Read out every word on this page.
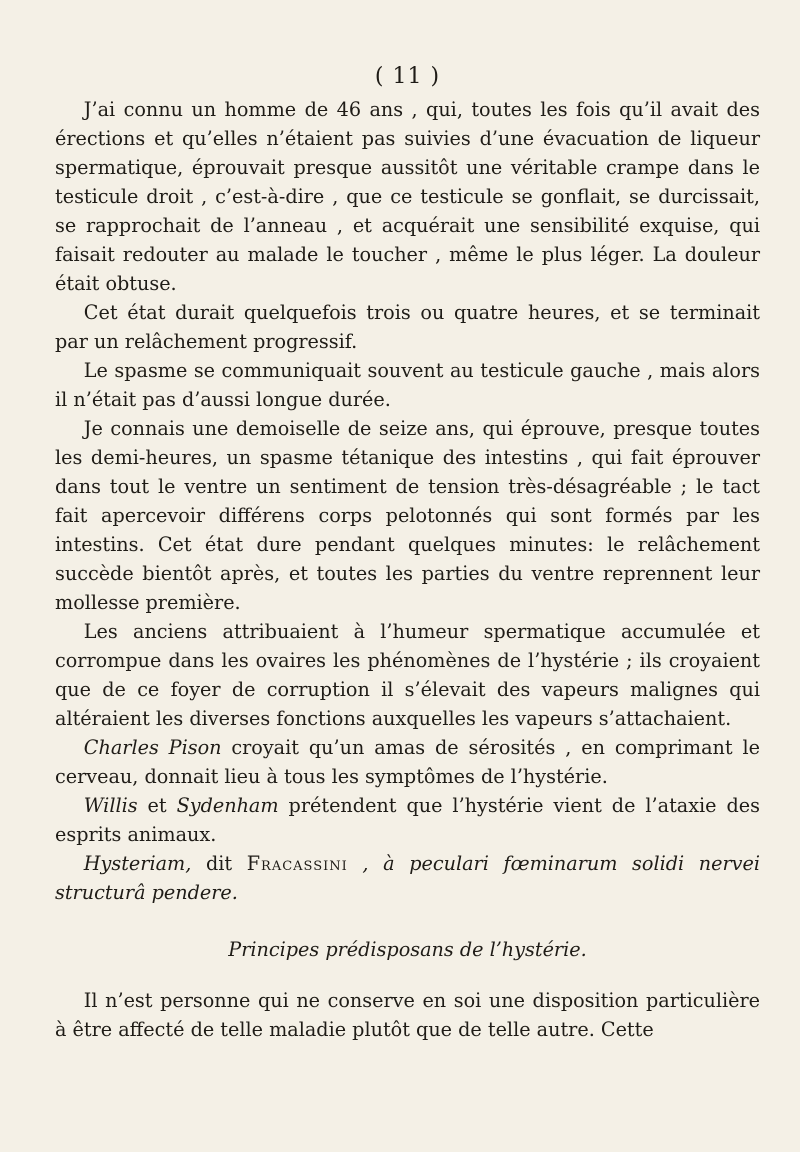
( 11 )

J’ai connu un homme de 46 ans , qui, toutes les fois qu’il avait des érections et qu’elles n’étaient pas suivies d’une évacuation de liqueur spermatique, éprouvait presque aussitôt une véritable crampe dans le testicule droit , c’est-à-dire , que ce testicule se gonflait, se durcissait, se rapprochait de l’anneau , et acquérait une sensibilité exquise, qui faisait redouter au malade le toucher , même le plus léger. La douleur était obtuse.

Cet état durait quelquefois trois ou quatre heures, et se terminait par un relâchement progressif.

Le spasme se communiquait souvent au testicule gauche , mais alors il n’était pas d’aussi longue durée.

Je connais une demoiselle de seize ans, qui éprouve, presque toutes les demi-heures, un spasme tétanique des intestins , qui fait éprouver dans tout le ventre un sentiment de tension très-désagréable ; le tact fait apercevoir différens corps pelotonnés qui sont formés par les intestins. Cet état dure pendant quelques minutes: le relâchement succède bientôt après, et toutes les parties du ventre reprennent leur mollesse première.

Les anciens attribuaient à l’humeur spermatique accumulée et corrompue dans les ovaires les phénomènes de l’hystérie ; ils croyaient que de ce foyer de corruption il s’élevait des vapeurs malignes qui altéraient les diverses fonctions auxquelles les vapeurs s’attachaient.

Charles Pison croyait qu’un amas de sérosités , en comprimant le cerveau, donnait lieu à tous les symptômes de l’hystérie.

Willis et Sydenham prétendent que l’hystérie vient de l’ataxie des esprits animaux.

Hysteriam, dit Fracassini , à peculari fœminarum solidi nervei structurâ pendere.

Principes prédisposans de l’hystérie.

Il n’est personne qui ne conserve en soi une disposition particulière à être affecté de telle maladie plutôt que de telle autre. Cette
